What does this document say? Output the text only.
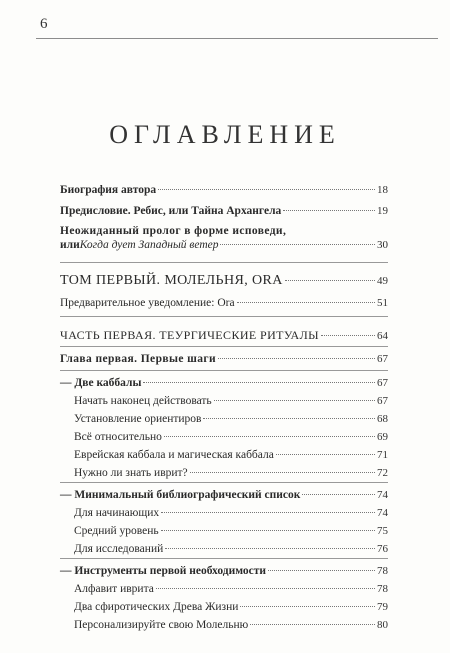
6
ОГЛАВЛЕНИЕ
Биография автора	18
Предисловие. Ребис, или Тайна Архангела	19
Неожиданный пролог в форме исповеди,
или Когда дует Западный ветер	30
ТОМ ПЕРВЫЙ. МОЛЕЛЬНЯ, ORA	49
Предварительное уведомление: Ora	51
ЧАСТЬ ПЕРВАЯ. ТЕУРГИЧЕСКИЕ РИТУАЛЫ	64
Глава первая. Первые шаги	67
— Две каббалы	67
Начать наконец действовать	67
Установление ориентиров	68
Всё относительно	69
Еврейская каббала и магическая каббала	71
Нужно ли знать иврит?	72
— Минимальный библиографический список	74
Для начинающих	74
Средний уровень	75
Для исследований	76
— Инструменты первой необходимости	78
Алфавит иврита	78
Два сфиротических Древа Жизни	79
Персонализируйте свою Молельню	80
